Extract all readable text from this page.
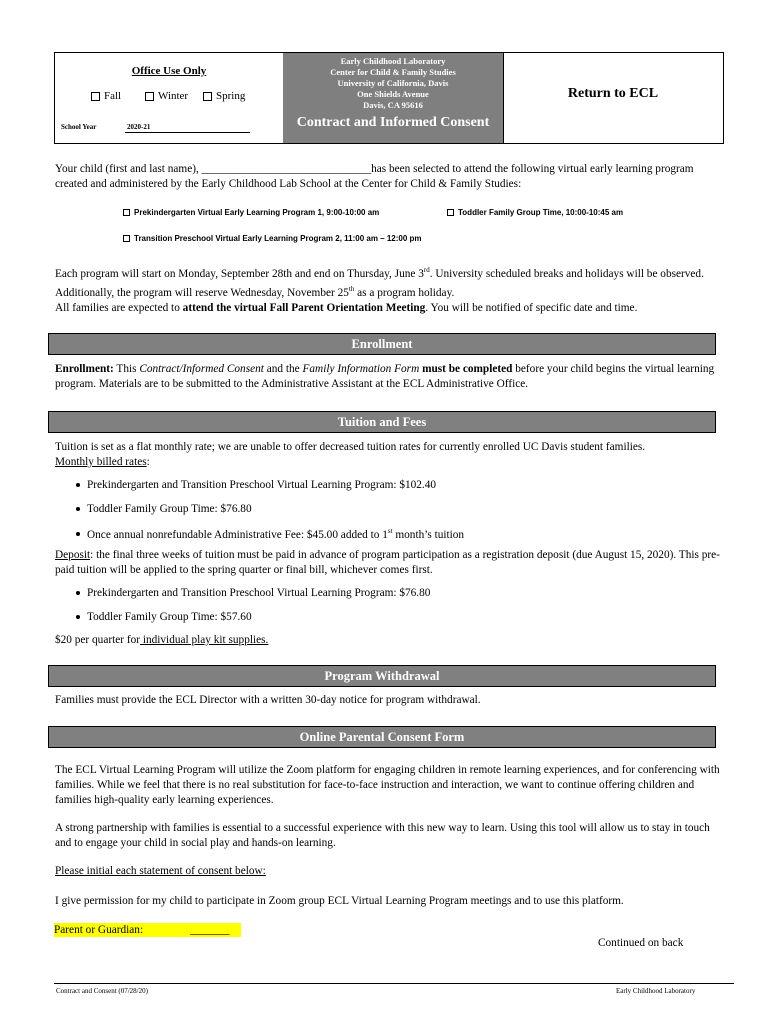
Office Use Only
Fall	Winter	Spring
School Year	2020-21
Early Childhood Laboratory
Center for Child & Family Studies
University of California, Davis
One Shields Avenue
Davis, CA 95616
Contract and Informed Consent
Return to ECL
Your child (first and last name), ______________________________has been selected to attend the following virtual early learning program created and administered by the Early Childhood Lab School at the Center for Child & Family Studies:
Prekindergarten Virtual Early Learning Program 1, 9:00-10:00 am	Toddler Family Group Time, 10:00-10:45 am
Transition Preschool Virtual Early Learning Program 2, 11:00 am – 12:00 pm
Each program will start on Monday, September 28th and end on Thursday, June 3rd. University scheduled breaks and holidays will be observed. Additionally, the program will reserve Wednesday, November 25th as a program holiday.
All families are expected to attend the virtual Fall Parent Orientation Meeting. You will be notified of specific date and time.
Enrollment
Enrollment: This Contract/Informed Consent and the Family Information Form must be completed before your child begins the virtual learning program. Materials are to be submitted to the Administrative Assistant at the ECL Administrative Office.
Tuition and Fees
Tuition is set as a flat monthly rate; we are unable to offer decreased tuition rates for currently enrolled UC Davis student families.
Monthly billed rates:
Prekindergarten and Transition Preschool Virtual Learning Program: $102.40
Toddler Family Group Time: $76.80
Once annual nonrefundable Administrative Fee: $45.00 added to 1st month’s tuition
Deposit: the final three weeks of tuition must be paid in advance of program participation as a registration deposit (due August 15, 2020). This pre-paid tuition will be applied to the spring quarter or final bill, whichever comes first.
Prekindergarten and Transition Preschool Virtual Learning Program: $76.80
Toddler Family Group Time: $57.60
$20 per quarter for individual play kit supplies.
Program Withdrawal
Families must provide the ECL Director with a written 30-day notice for program withdrawal.
Online Parental Consent Form
The ECL Virtual Learning Program will utilize the Zoom platform for engaging children in remote learning experiences, and for conferencing with families. While we feel that there is no real substitution for face-to-face instruction and interaction, we want to continue offering children and families high-quality early learning experiences.
A strong partnership with families is essential to a successful experience with this new way to learn. Using this tool will allow us to stay in touch and to engage your child in social play and hands-on learning.
Please initial each statement of consent below:
I give permission for my child to participate in Zoom group ECL Virtual Learning Program meetings and to use this platform.
Parent or Guardian:	_______
Continued on back
Contract and Consent (07/28/20)	Early Childhood Laboratory
